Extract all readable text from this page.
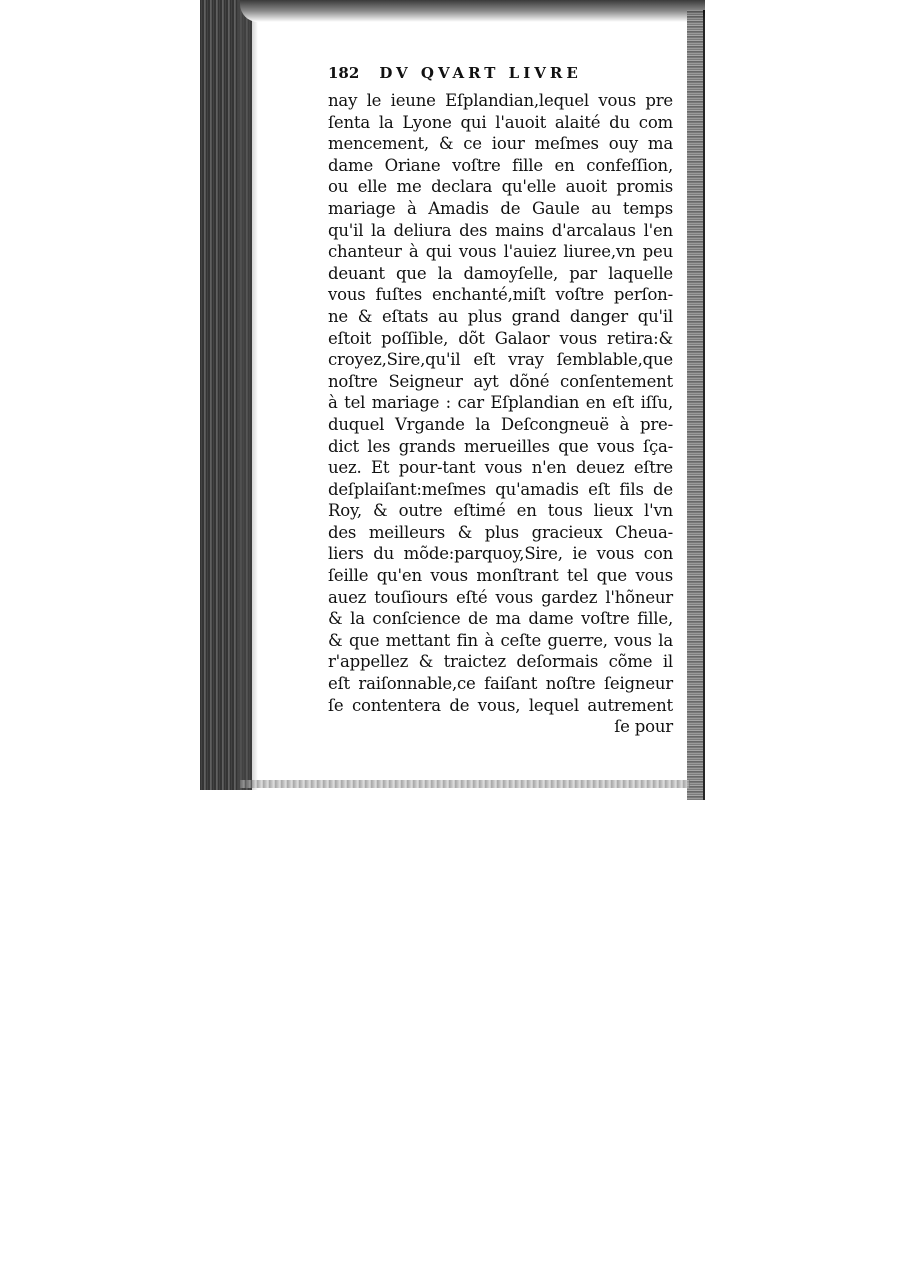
182 DV QVART LIVRE
nay le ieune Eſplandian,lequel vous pre
ſenta la Lyone qui l'auoit alaité du com
mencement, & ce iour meſmes ouy ma
dame Oriane voſtre fille en confeſſion,
ou elle me declara qu'elle auoit promis
mariage à Amadis de Gaule au temps
qu'il la deliura des mains d'arcalaus l'en
chanteur à qui vous l'auiez liuree,vn peu
deuant que la damoyſelle, par laquelle
vous fuſtes enchanté,miſt voſtre perſon-
ne & eſtats au plus grand danger qu'il
eſtoit poſſible, dõt Galaor vous retira:&
croyez,Sire,qu'il eſt vray ſemblable,que
noſtre Seigneur ayt dõné conſentement
à tel mariage : car Eſplandian en eſt iſſu,
duquel Vrgande la Deſcongneuë à pre-
dict les grands merueilles que vous ſça-
uez. Et pour-tant vous n'en deuez eſtre
deſplaiſant:meſmes qu'amadis eſt fils de
Roy, & outre eſtimé en tous lieux l'vn
des meilleurs & plus gracieux Cheua-
liers du mõde:parquoy,Sire, ie vous con
ſeille qu'en vous monſtrant tel que vous
auez touſiours eſté vous gardez l'hõneur
& la conſcience de ma dame voſtre fille,
& que mettant fin à ceſte guerre, vous la
r'appellez & traictez deſormais cõme il
eſt raiſonnable,ce faiſant noſtre ſeigneur
ſe contentera de vous, lequel autrement
ſe pour
